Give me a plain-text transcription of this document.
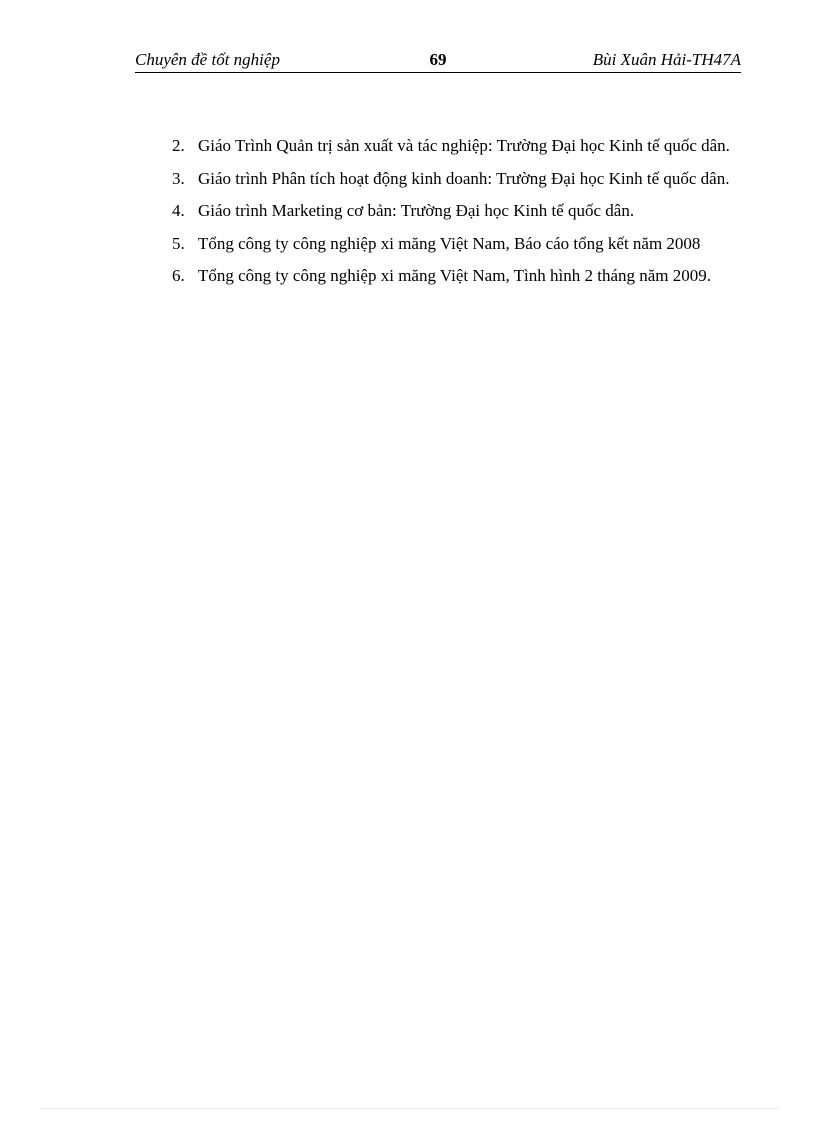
Chuyên đề tốt nghiệp	69	Bùi Xuân Hải-TH47A
2. Giáo Trình Quản trị sản xuất và tác nghiệp: Trường Đại học Kinh tế quốc dân.
3. Giáo trình Phân tích hoạt động kinh doanh: Trường Đại học Kinh tế quốc dân.
4. Giáo trình Marketing cơ bản: Trường Đại học Kinh tế quốc dân.
5. Tổng công ty công nghiệp xi măng Việt Nam, Báo cáo tổng kết năm 2008
6. Tổng công ty công nghiệp xi măng Việt Nam, Tình hình 2 tháng năm 2009.
